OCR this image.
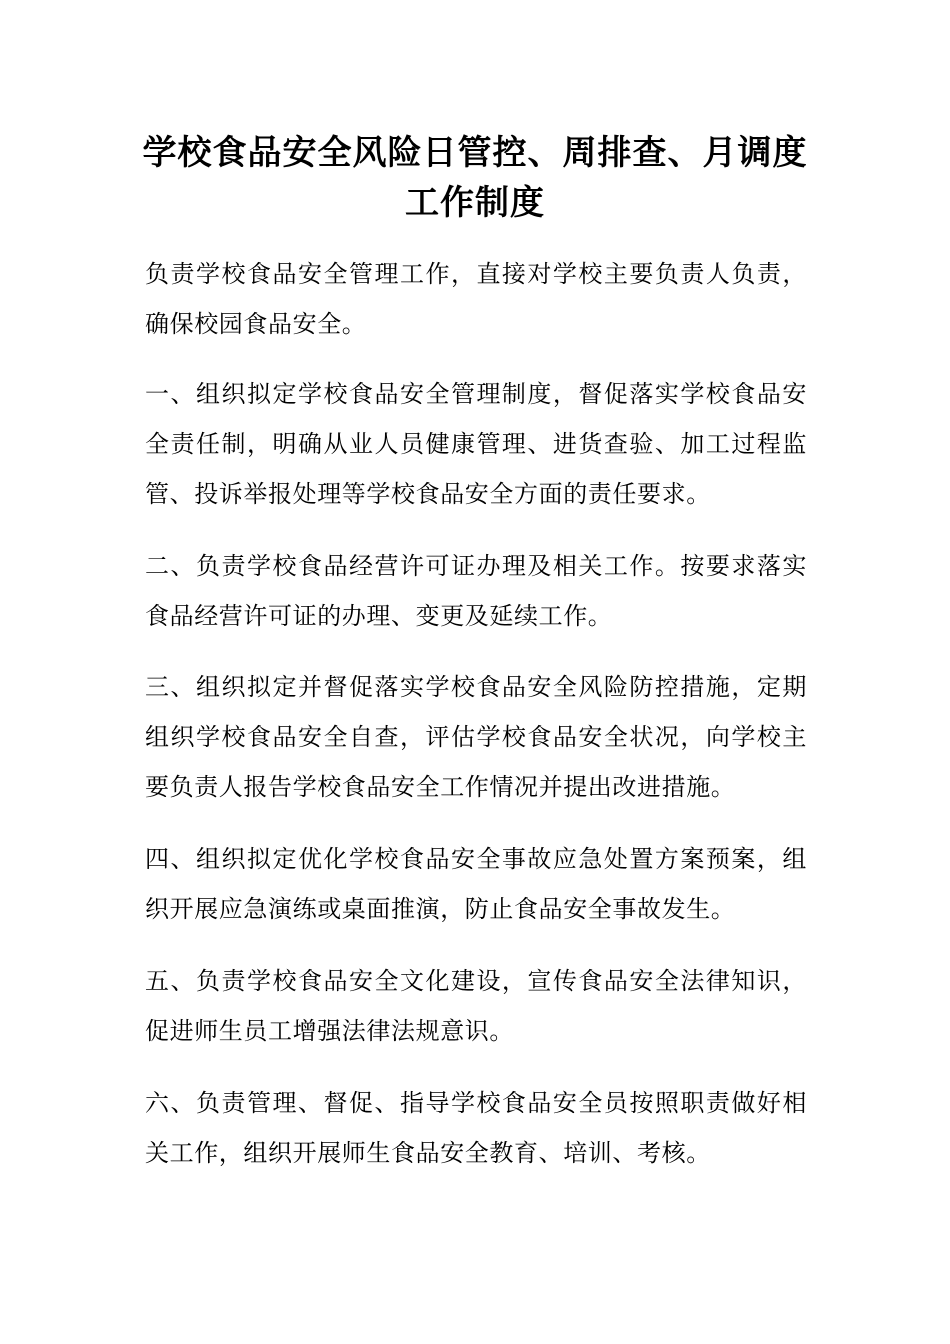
学校食品安全风险日管控、周排查、月调度
工作制度

负责学校食品安全管理工作，直接对学校主要负责人负责，确保校园食品安全。

一、组织拟定学校食品安全管理制度，督促落实学校食品安全责任制，明确从业人员健康管理、进货查验、加工过程监管、投诉举报处理等学校食品安全方面的责任要求。

二、负责学校食品经营许可证办理及相关工作。按要求落实食品经营许可证的办理、变更及延续工作。

三、组织拟定并督促落实学校食品安全风险防控措施，定期组织学校食品安全自查，评估学校食品安全状况，向学校主要负责人报告学校食品安全工作情况并提出改进措施。

四、组织拟定优化学校食品安全事故应急处置方案预案，组织开展应急演练或桌面推演，防止食品安全事故发生。

五、负责学校食品安全文化建设，宣传食品安全法律知识，促进师生员工增强法律法规意识。

六、负责管理、督促、指导学校食品安全员按照职责做好相关工作，组织开展师生食品安全教育、培训、考核。
